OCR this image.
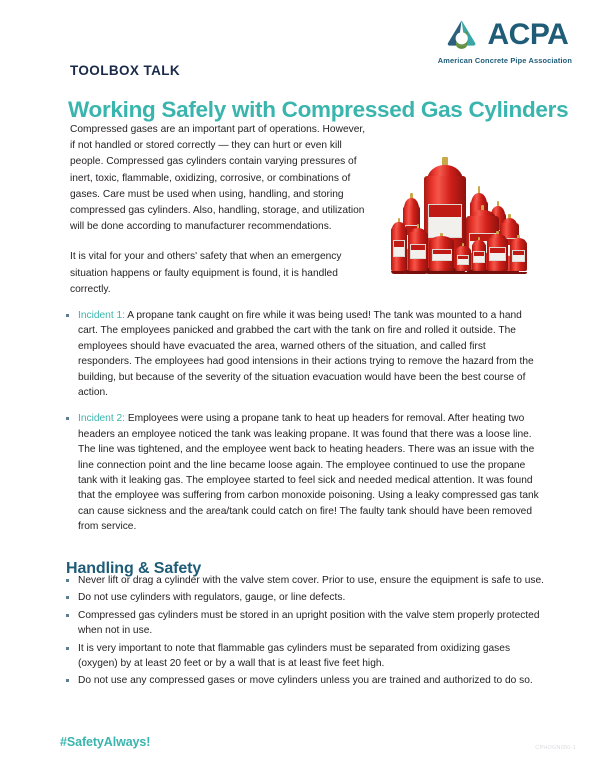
ACPA
American Concrete Pipe Association
TOOLBOX TALK
Working Safely with Compressed Gas Cylinders

Compressed gases are an important part of operations. However, if not handled or stored correctly — they can hurt or even kill people. Compressed gas cylinders contain varying pressures of inert, toxic, flammable, oxidizing, corrosive, or combinations of gases. Care must be used when using, handling, and storing compressed gas cylinders. Also, handling, storage, and utilization will be done according to manufacturer recommendations.

It is vital for your and others' safety that when an emergency situation happens or faulty equipment is found, it is handled correctly.

Incident 1: A propane tank caught on fire while it was being used! The tank was mounted to a hand cart. The employees panicked and grabbed the cart with the tank on fire and rolled it outside. The employees should have evacuated the area, warned others of the situation, and called first responders. The employees had good intensions in their actions trying to remove the hazard from the building, but because of the severity of the situation evacuation would have been the best course of action.
Incident 2: Employees were using a propane tank to heat up headers for removal. After heating two headers an employee noticed the tank was leaking propane. It was found that there was a loose line. The line was tightened, and the employee went back to heating headers. There was an issue with the line connection point and the line became loose again. The employee continued to use the propane tank with it leaking gas. The employee started to feel sick and needed medical attention. It was found that the employee was suffering from carbon monoxide poisoning. Using a leaky compressed gas tank can cause sickness and the area/tank could catch on fire! The faulty tank should have been removed from service.
Handling & Safety
Never lift or drag a cylinder with the valve stem cover. Prior to use, ensure the equipment is safe to use.
Do not use cylinders with regulators, gauge, or line defects.
Compressed gas cylinders must be stored in an upright position with the valve stem properly protected when not in use.
It is very important to note that flammable gas cylinders must be separated from oxidizing gases (oxygen) by at least 20 feet or by a wall that is at least five feet high.
Do not use any compressed gases or move cylinders unless you are trained and authorized to do so.
#SafetyAlways!	CPHOGN050-1
